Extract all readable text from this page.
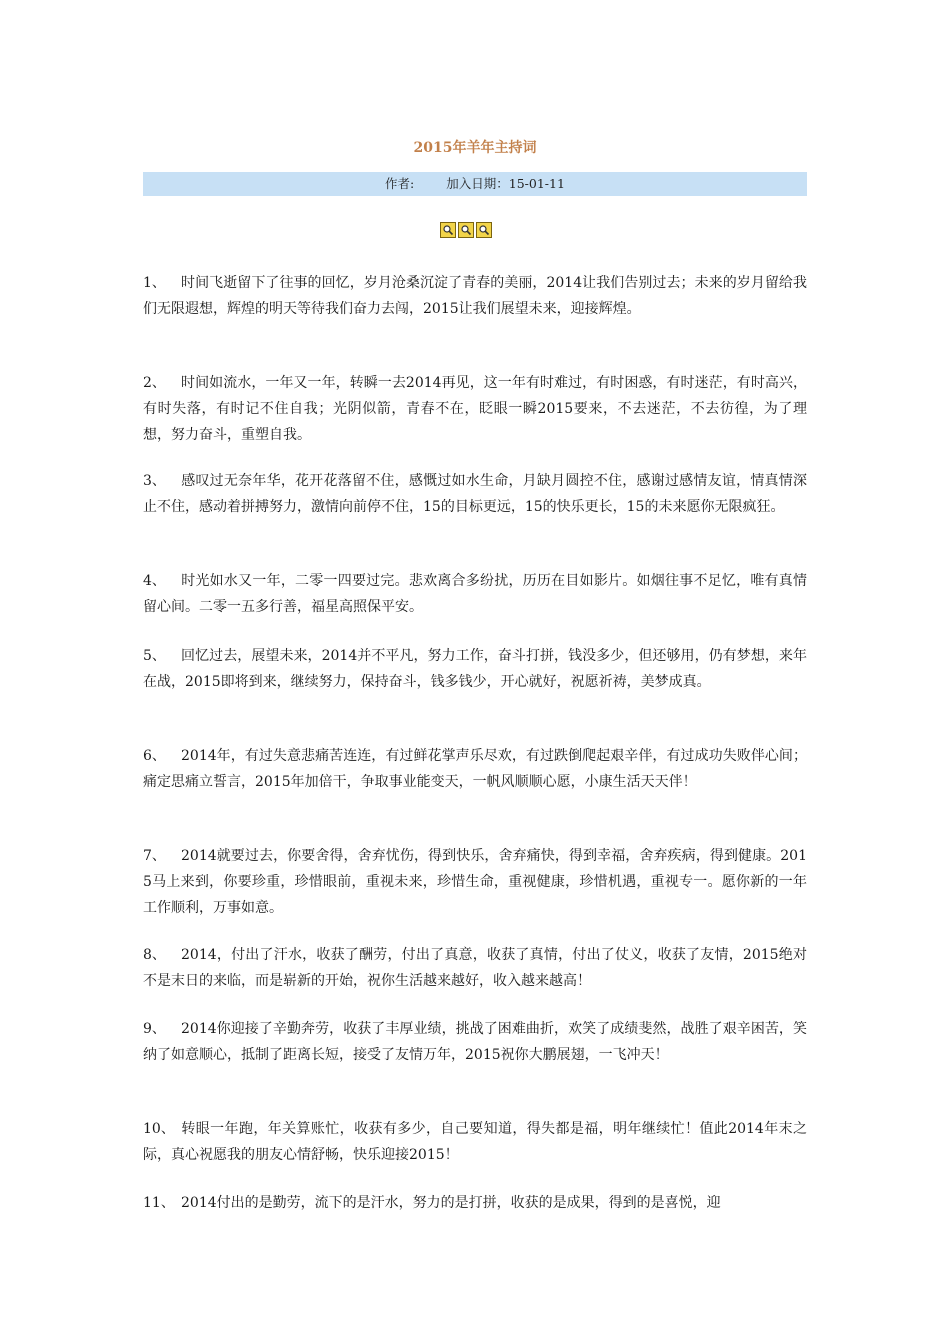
2015年羊年主持词
作者:	加入日期：15-01-11

1、 时间飞逝留下了往事的回忆，岁月沧桑沉淀了青春的美丽，2014让我们告别过去；未来的岁月留给我们无限遐想，辉煌的明天等待我们奋力去闯，2015让我们展望未来，迎接辉煌。

2、 时间如流水，一年又一年，转瞬一去2014再见，这一年有时难过，有时困惑，有时迷茫，有时高兴，有时失落，有时记不住自我；光阴似箭，青春不在，眨眼一瞬2015要来，不去迷茫，不去彷徨，为了理想，努力奋斗，重塑自我。

3、 感叹过无奈年华，花开花落留不住，感慨过如水生命，月缺月圆控不住，感谢过感情友谊，情真情深止不住，感动着拼搏努力，激情向前停不住，15的目标更远，15的快乐更长，15的未来愿你无限疯狂。

4、 时光如水又一年，二零一四要过完。悲欢离合多纷扰，历历在目如影片。如烟往事不足忆，唯有真情留心间。二零一五多行善，福星高照保平安。

5、 回忆过去，展望未来，2014并不平凡，努力工作，奋斗打拼，钱没多少，但还够用，仍有梦想，来年在战，2015即将到来，继续努力，保持奋斗，钱多钱少，开心就好，祝愿祈祷，美梦成真。

6、 2014年，有过失意悲痛苦连连，有过鲜花掌声乐尽欢，有过跌倒爬起艰辛伴，有过成功失败伴心间；痛定思痛立誓言，2015年加倍干，争取事业能变天，一帆风顺顺心愿，小康生活天天伴！

7、 2014就要过去，你要舍得，舍弃忧伤，得到快乐，舍弃痛快，得到幸福，舍弃疾病，得到健康。2015马上来到，你要珍重，珍惜眼前，重视未来，珍惜生命，重视健康，珍惜机遇，重视专一。愿你新的一年工作顺利，万事如意。

8、 2014，付出了汗水，收获了酬劳，付出了真意，收获了真情，付出了仗义，收获了友情，2015绝对不是末日的来临，而是崭新的开始，祝你生活越来越好，收入越来越高！

9、 2014你迎接了辛勤奔劳，收获了丰厚业绩，挑战了困难曲折，欢笑了成绩斐然，战胜了艰辛困苦，笑纳了如意顺心，抵制了距离长短，接受了友情万年，2015祝你大鹏展翅，一飞冲天！

10、 转眼一年跑，年关算账忙，收获有多少，自己要知道，得失都是福，明年继续忙！值此2014年末之际，真心祝愿我的朋友心情舒畅，快乐迎接2015！

11、 2014付出的是勤劳，流下的是汗水，努力的是打拼，收获的是成果，得到的是喜悦，迎
